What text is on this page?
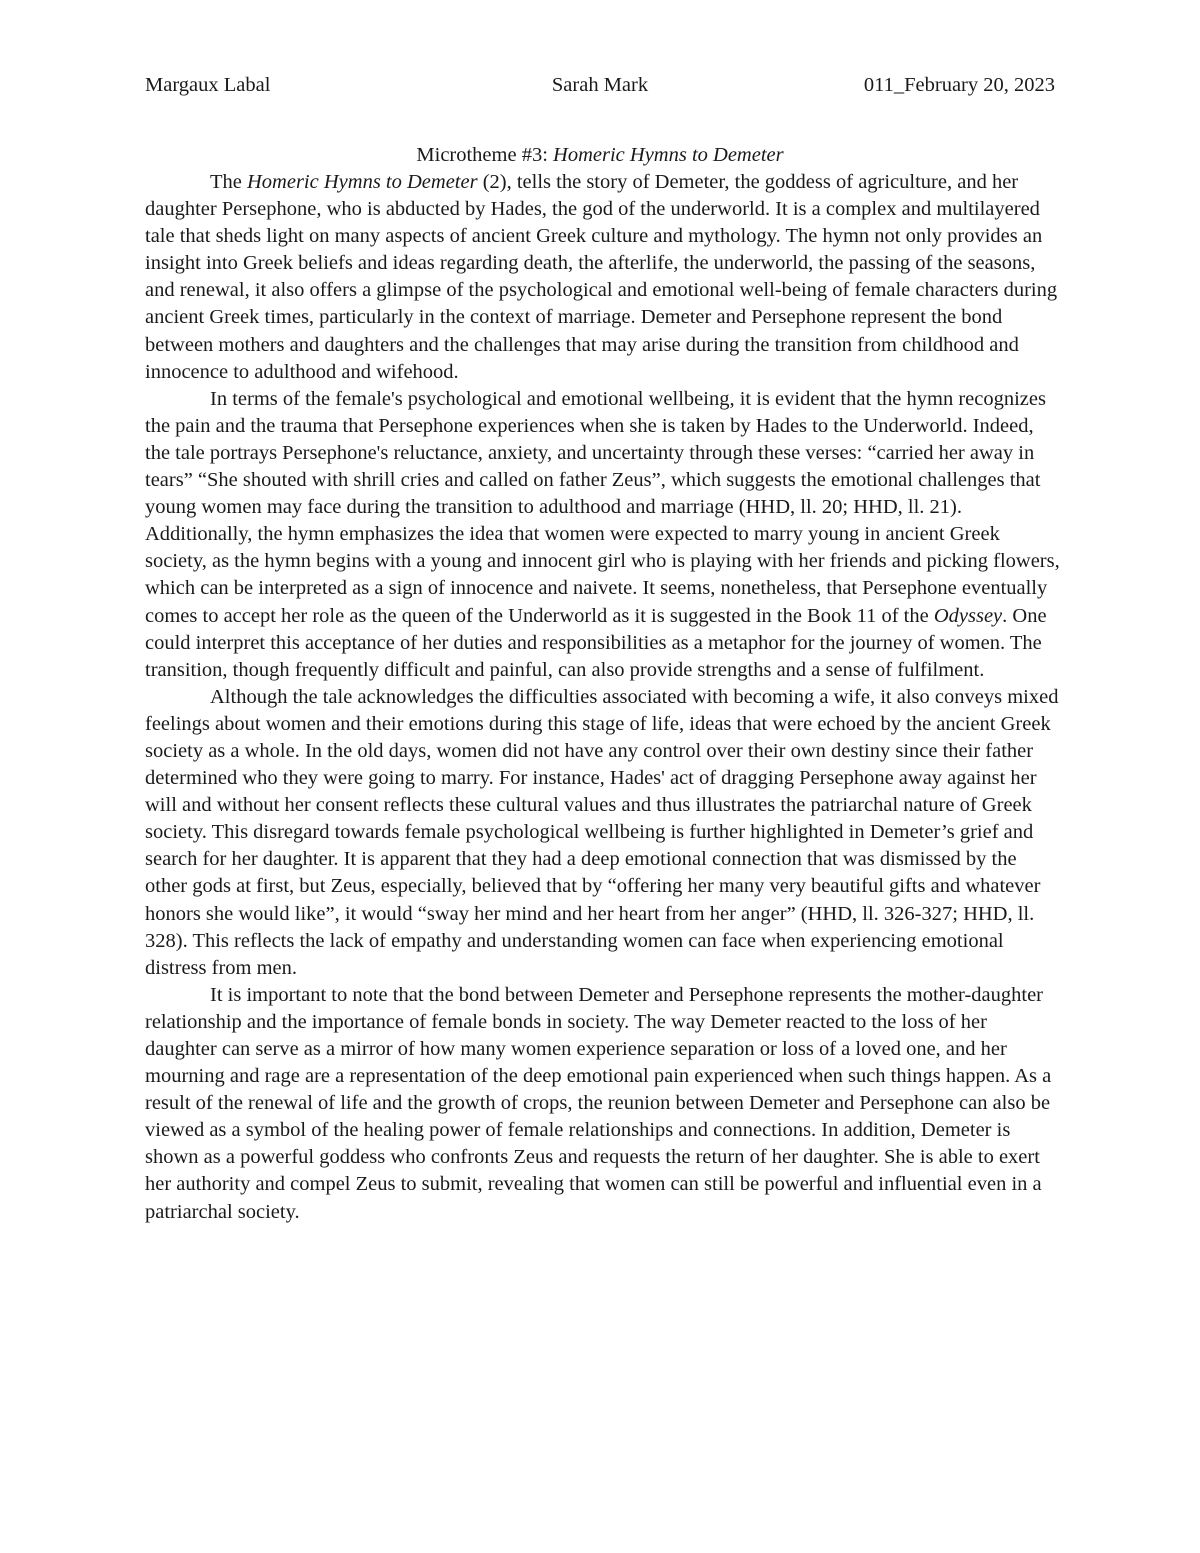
Margaux Labal	Sarah Mark	011_February 20, 2023
Microtheme #3: Homeric Hymns to Demeter

The Homeric Hymns to Demeter (2), tells the story of Demeter, the goddess of agriculture, and her daughter Persephone, who is abducted by Hades, the god of the underworld. It is a complex and multilayered tale that sheds light on many aspects of ancient Greek culture and mythology. The hymn not only provides an insight into Greek beliefs and ideas regarding death, the afterlife, the underworld, the passing of the seasons, and renewal, it also offers a glimpse of the psychological and emotional well-being of female characters during ancient Greek times, particularly in the context of marriage. Demeter and Persephone represent the bond between mothers and daughters and the challenges that may arise during the transition from childhood and innocence to adulthood and wifehood.

In terms of the female's psychological and emotional wellbeing, it is evident that the hymn recognizes the pain and the trauma that Persephone experiences when she is taken by Hades to the Underworld. Indeed, the tale portrays Persephone's reluctance, anxiety, and uncertainty through these verses: “carried her away in tears” “She shouted with shrill cries and called on father Zeus”, which suggests the emotional challenges that young women may face during the transition to adulthood and marriage (HHD, ll. 20; HHD, ll. 21). Additionally, the hymn emphasizes the idea that women were expected to marry young in ancient Greek society, as the hymn begins with a young and innocent girl who is playing with her friends and picking flowers, which can be interpreted as a sign of innocence and naivete. It seems, nonetheless, that Persephone eventually comes to accept her role as the queen of the Underworld as it is suggested in the Book 11 of the Odyssey. One could interpret this acceptance of her duties and responsibilities as a metaphor for the journey of women. The transition, though frequently difficult and painful, can also provide strengths and a sense of fulfilment.

Although the tale acknowledges the difficulties associated with becoming a wife, it also conveys mixed feelings about women and their emotions during this stage of life, ideas that were echoed by the ancient Greek society as a whole. In the old days, women did not have any control over their own destiny since their father determined who they were going to marry. For instance, Hades' act of dragging Persephone away against her will and without her consent reflects these cultural values and thus illustrates the patriarchal nature of Greek society. This disregard towards female psychological wellbeing is further highlighted in Demeter’s grief and search for her daughter. It is apparent that they had a deep emotional connection that was dismissed by the other gods at first, but Zeus, especially, believed that by “offering her many very beautiful gifts and whatever honors she would like”, it would “sway her mind and her heart from her anger” (HHD, ll. 326-327; HHD, ll. 328). This reflects the lack of empathy and understanding women can face when experiencing emotional distress from men.

It is important to note that the bond between Demeter and Persephone represents the mother-daughter relationship and the importance of female bonds in society. The way Demeter reacted to the loss of her daughter can serve as a mirror of how many women experience separation or loss of a loved one, and her mourning and rage are a representation of the deep emotional pain experienced when such things happen. As a result of the renewal of life and the growth of crops, the reunion between Demeter and Persephone can also be viewed as a symbol of the healing power of female relationships and connections. In addition, Demeter is shown as a powerful goddess who confronts Zeus and requests the return of her daughter. She is able to exert her authority and compel Zeus to submit, revealing that women can still be powerful and influential even in a patriarchal society.
